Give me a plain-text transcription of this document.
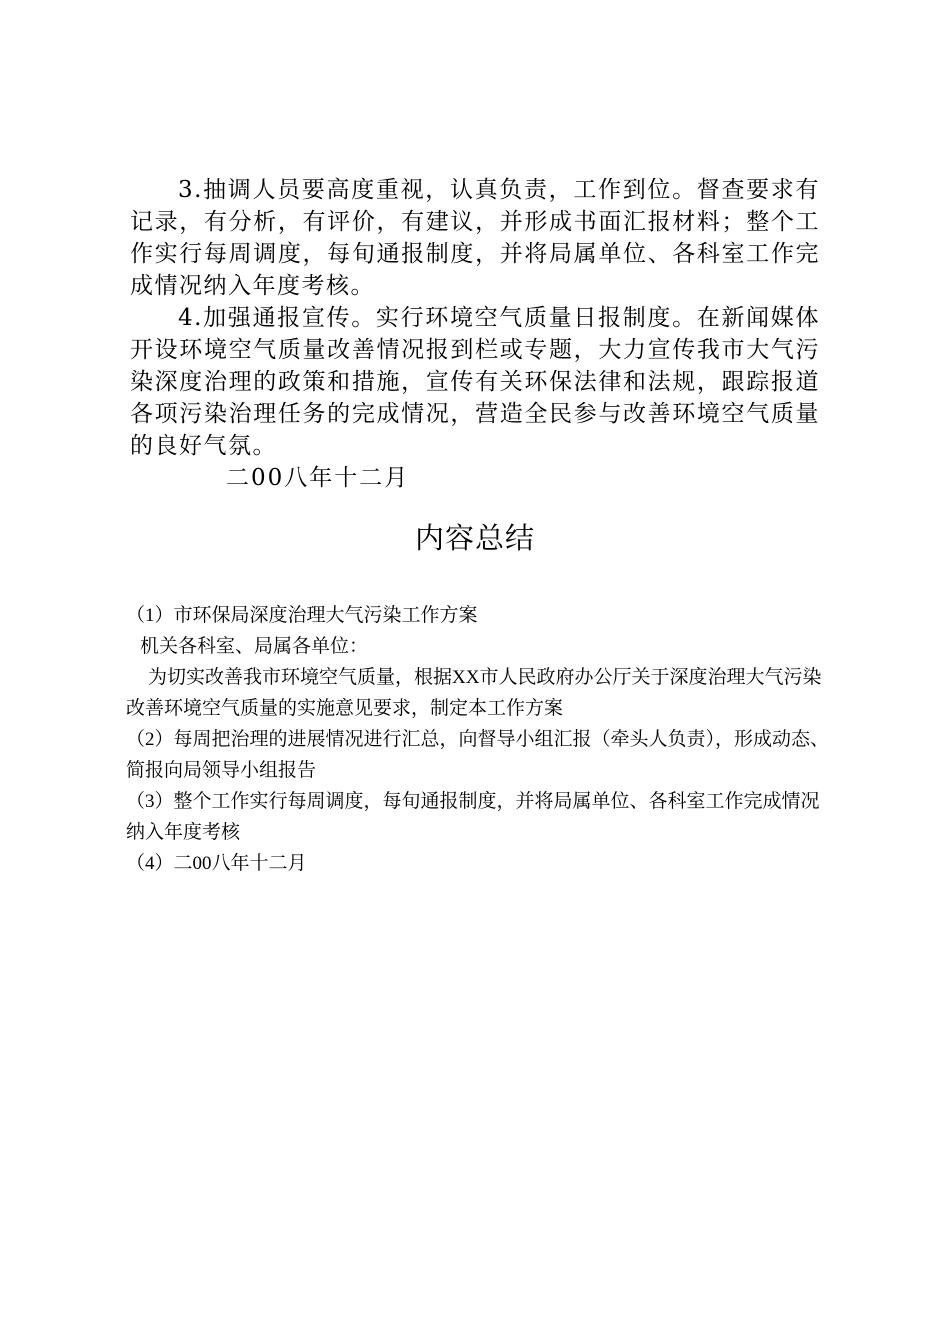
3.抽调人员要高度重视，认真负责，工作到位。督查要求有记录，有分析，有评价，有建议，并形成书面汇报材料；整个工作实行每周调度，每旬通报制度，并将局属单位、各科室工作完成情况纳入年度考核。

4.加强通报宣传。实行环境空气质量日报制度。在新闻媒体开设环境空气质量改善情况报到栏或专题，大力宣传我市大气污染深度治理的政策和措施，宣传有关环保法律和法规，跟踪报道各项污染治理任务的完成情况，营造全民参与改善环境空气质量的良好气氛。

二00八年十二月

内容总结

（1）市环保局深度治理大气污染工作方案

机关各科室、局属各单位：

为切实改善我市环境空气质量，根据XX市人民政府办公厅关于深度治理大气污染改善环境空气质量的实施意见要求，制定本工作方案

（2）每周把治理的进展情况进行汇总，向督导小组汇报（牵头人负责），形成动态、简报向局领导小组报告

（3）整个工作实行每周调度，每旬通报制度，并将局属单位、各科室工作完成情况纳入年度考核

（4）二00八年十二月
